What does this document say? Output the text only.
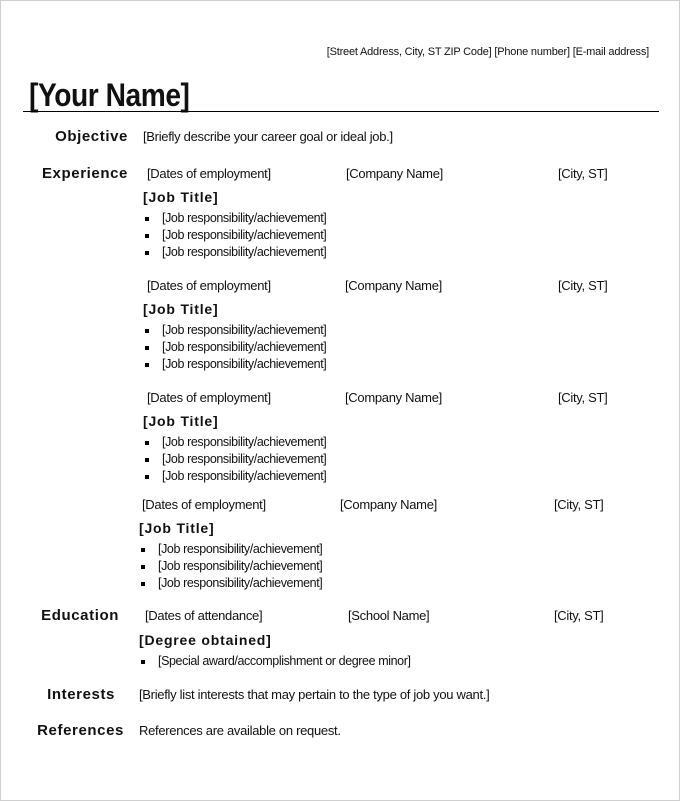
[Street Address, City, ST ZIP Code] [Phone number] [E-mail address]
[Your Name]
Objective [Briefly describe your career goal or ideal job.]
Experience [Dates of employment]	[Company Name]	[City, ST]
[Job Title]
[Job responsibility/achievement]
[Job responsibility/achievement]
[Job responsibility/achievement]
[Dates of employment]	[Company Name]	[City, ST]
[Job Title]
[Job responsibility/achievement]
[Job responsibility/achievement]
[Job responsibility/achievement]
[Dates of employment]	[Company Name]	[City, ST]
[Job Title]
[Job responsibility/achievement]
[Job responsibility/achievement]
[Job responsibility/achievement]
[Dates of employment]	[Company Name]	[City, ST]
[Job Title]
[Job responsibility/achievement]
[Job responsibility/achievement]
[Job responsibility/achievement]
Education [Dates of attendance]	[School Name]	[City, ST]
[Degree obtained]
[Special award/accomplishment or degree minor]
Interests [Briefly list interests that may pertain to the type of job you want.]
References References are available on request.
